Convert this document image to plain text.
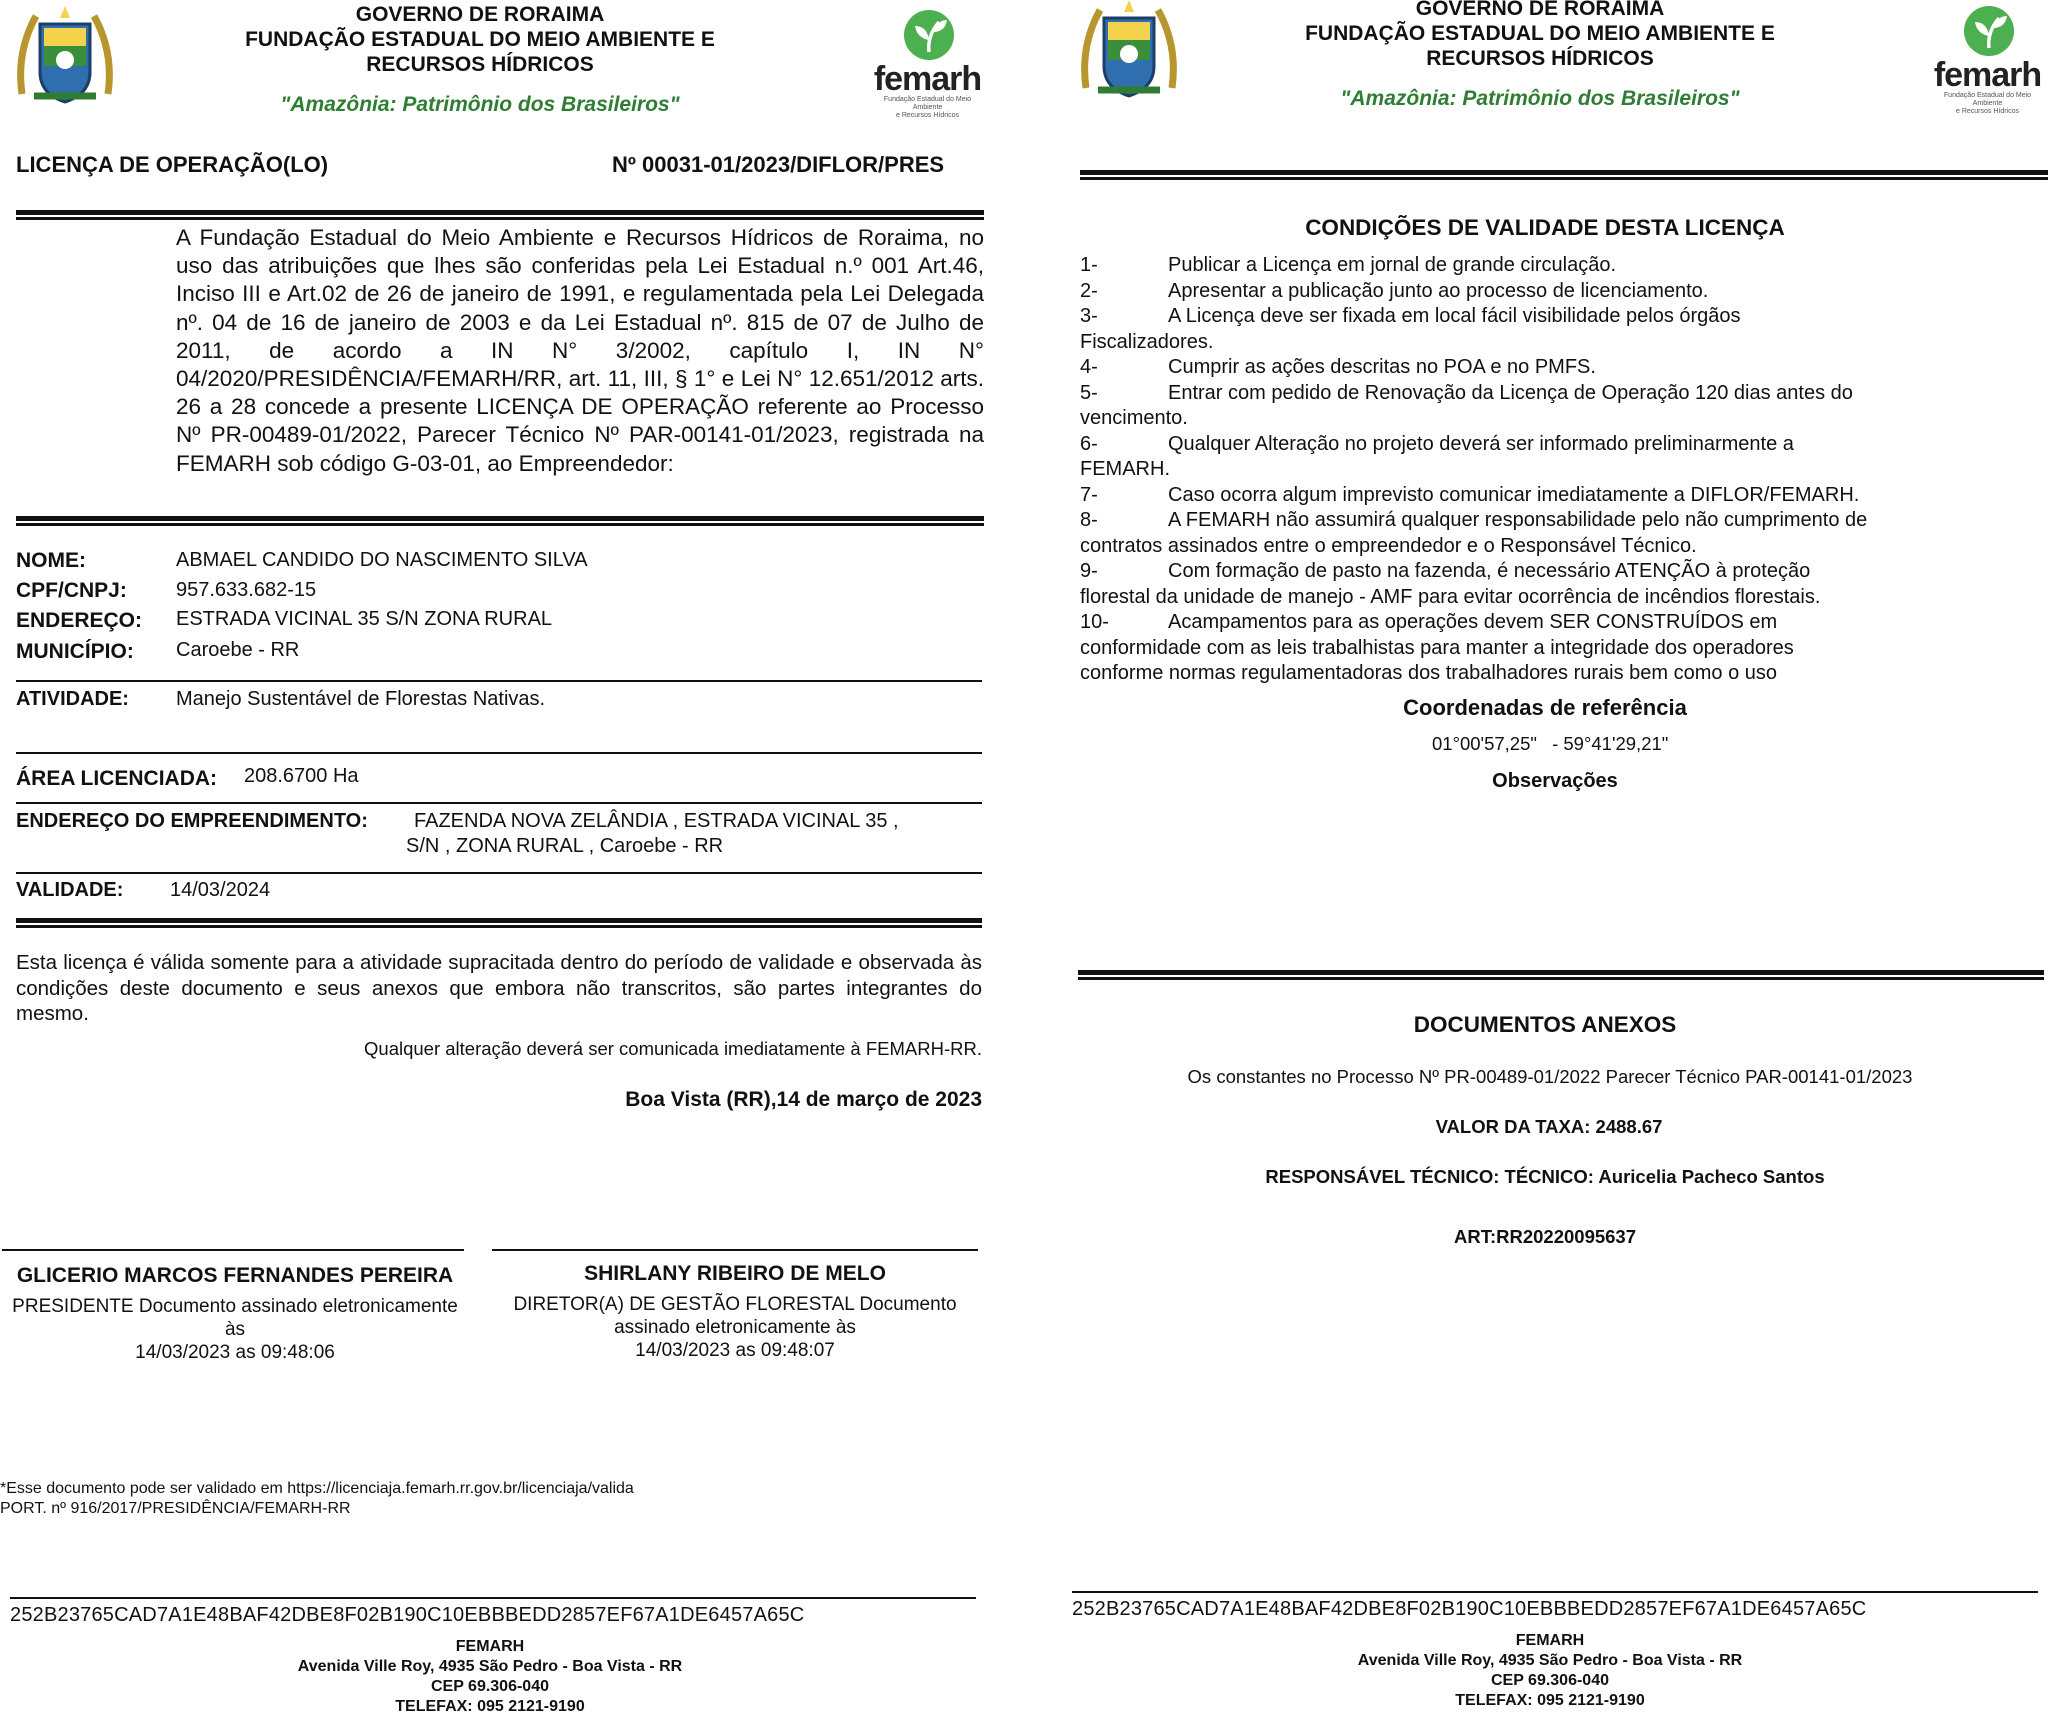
GOVERNO DE RORAIMA
FUNDAÇÃO ESTADUAL DO MEIO AMBIENTE E
RECURSOS HÍDRICOS
"Amazônia: Patrimônio dos Brasileiros"
femarh
Fundação Estadual do Meio Ambiente
e Recursos Hídricos
LICENÇA DE OPERAÇÃO(LO)	Nº 00031-01/2023/DIFLOR/PRES
A Fundação Estadual do Meio Ambiente e Recursos Hídricos de Roraima, no uso das atribuições que lhes são conferidas pela Lei Estadual n.º 001 Art.46, Inciso III e Art.02 de 26 de janeiro de 1991, e regulamentada pela Lei Delegada nº. 04 de 16 de janeiro de 2003 e da Lei Estadual nº. 815 de 07 de Julho de 2011, de acordo a IN N° 3/2002, capítulo I, IN N° 04/2020/PRESIDÊNCIA/FEMARH/RR, art. 11, III, § 1° e Lei N° 12.651/2012 arts. 26 a 28 concede a presente LICENÇA DE OPERAÇÃO referente ao Processo Nº PR-00489-01/2022, Parecer Técnico Nº PAR-00141-01/2023, registrada na FEMARH sob código G-03-01, ao Empreendedor:
NOME:	ABMAEL CANDIDO DO NASCIMENTO SILVA
CPF/CNPJ: 957.633.682-15
ENDEREÇO: ESTRADA VICINAL 35 S/N ZONA RURAL
MUNICÍPIO: Caroebe - RR
ATIVIDADE: Manejo Sustentável de Florestas Nativas.
ÁREA LICENCIADA: 208.6700 Ha
ENDEREÇO DO EMPREENDIMENTO: FAZENDA NOVA ZELÂNDIA , ESTRADA VICINAL 35 ,
S/N , ZONA RURAL , Caroebe - RR
VALIDADE: 14/03/2024
Esta licença é válida somente para a atividade supracitada dentro do período de validade e observada às condições deste documento e seus anexos que embora não transcritos, são partes integrantes do mesmo.
Qualquer alteração deverá ser comunicada imediatamente à FEMARH-RR.
Boa Vista (RR),14 de março de 2023
GLICERIO MARCOS FERNANDES PEREIRA
PRESIDENTE Documento assinado eletronicamente
às
14/03/2023 as 09:48:06
SHIRLANY RIBEIRO DE MELO
DIRETOR(A) DE GESTÃO FLORESTAL Documento
assinado eletronicamente às
14/03/2023 as 09:48:07
*Esse documento pode ser validado em https://licenciaja.femarh.rr.gov.br/licenciaja/valida
PORT. nº 916/2017/PRESIDÊNCIA/FEMARH-RR
252B23765CAD7A1E48BAF42DBE8F02B190C10EBBBEDD2857EF67A1DE6457A65C
FEMARH
Avenida Ville Roy, 4935 São Pedro - Boa Vista - RR
CEP 69.306-040
TELEFAX: 095 2121-9190
GOVERNO DE RORAIMA
FUNDAÇÃO ESTADUAL DO MEIO AMBIENTE E
RECURSOS HÍDRICOS
"Amazônia: Patrimônio dos Brasileiros"
femarh
Fundação Estadual do Meio Ambiente
e Recursos Hídricos
CONDIÇÕES DE VALIDADE DESTA LICENÇA
1-	Publicar a Licença em jornal de grande circulação.
2-	Apresentar a publicação junto ao processo de licenciamento.
3-	A Licença deve ser fixada em local fácil visibilidade pelos órgãos
Fiscalizadores.
4-	Cumprir as ações descritas no POA e no PMFS.
5-	Entrar com pedido de Renovação da Licença de Operação 120 dias antes do
vencimento.
6-	Qualquer Alteração no projeto deverá ser informado preliminarmente a
FEMARH.
7-	Caso ocorra algum imprevisto comunicar imediatamente a DIFLOR/FEMARH.
8-	A FEMARH não assumirá qualquer responsabilidade pelo não cumprimento de
contratos assinados entre o empreendedor e o Responsável Técnico.
9-	Com formação de pasto na fazenda, é necessário ATENÇÃO à proteção
florestal da unidade de manejo - AMF para evitar ocorrência de incêndios florestais.
10-	Acampamentos para as operações devem SER CONSTRUÍDOS em
conformidade com as leis trabalhistas para manter a integridade dos operadores
conforme normas regulamentadoras dos trabalhadores rurais bem como o uso
Coordenadas de referência
01°00'57,25" - 59°41'29,21"
Observações
DOCUMENTOS ANEXOS
Os constantes no Processo Nº PR-00489-01/2022 Parecer Técnico PAR-00141-01/2023
VALOR DA TAXA: 2488.67
RESPONSÁVEL TÉCNICO: TÉCNICO: Auricelia Pacheco Santos
ART:RR20220095637
252B23765CAD7A1E48BAF42DBE8F02B190C10EBBBEDD2857EF67A1DE6457A65C
FEMARH
Avenida Ville Roy, 4935 São Pedro - Boa Vista - RR
CEP 69.306-040
TELEFAX: 095 2121-9190
